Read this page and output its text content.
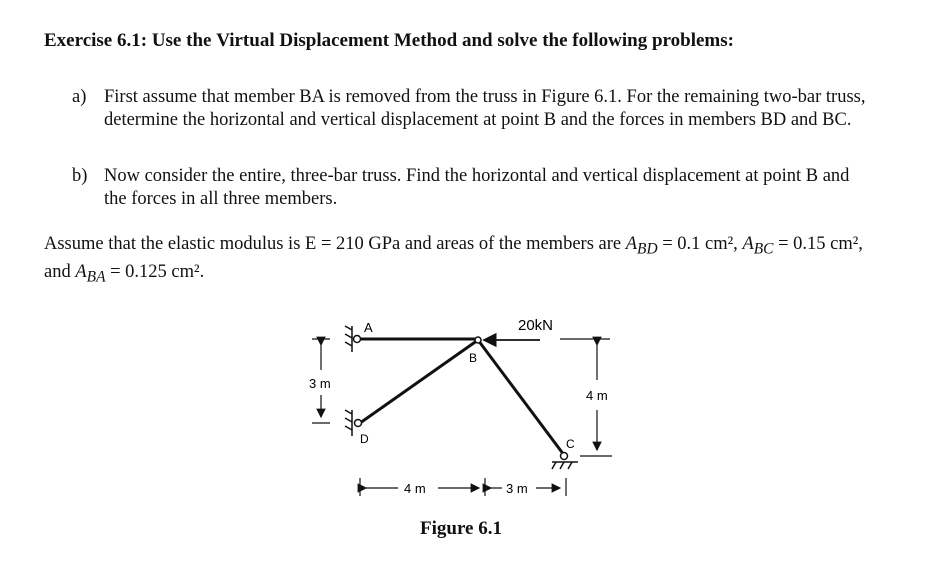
Exercise 6.1: Use the Virtual Displacement Method and solve the following problems:
a) First assume that member BA is removed from the truss in Figure 6.1. For the remaining two-bar truss, determine the horizontal and vertical displacement at point B and the forces in members BD and BC.
b) Now consider the entire, three-bar truss. Find the horizontal and vertical displacement at point B and the forces in all three members.
Assume that the elastic modulus is E = 210 GPa and areas of the members are $A_{BD} = 0.1$ cm², $A_{BC} = 0.15$ cm², and $A_{BA} = 0.125$ cm².
20kN
A
B
C
D
3 m
4 m
4 m	3 m
Figure 6.1
